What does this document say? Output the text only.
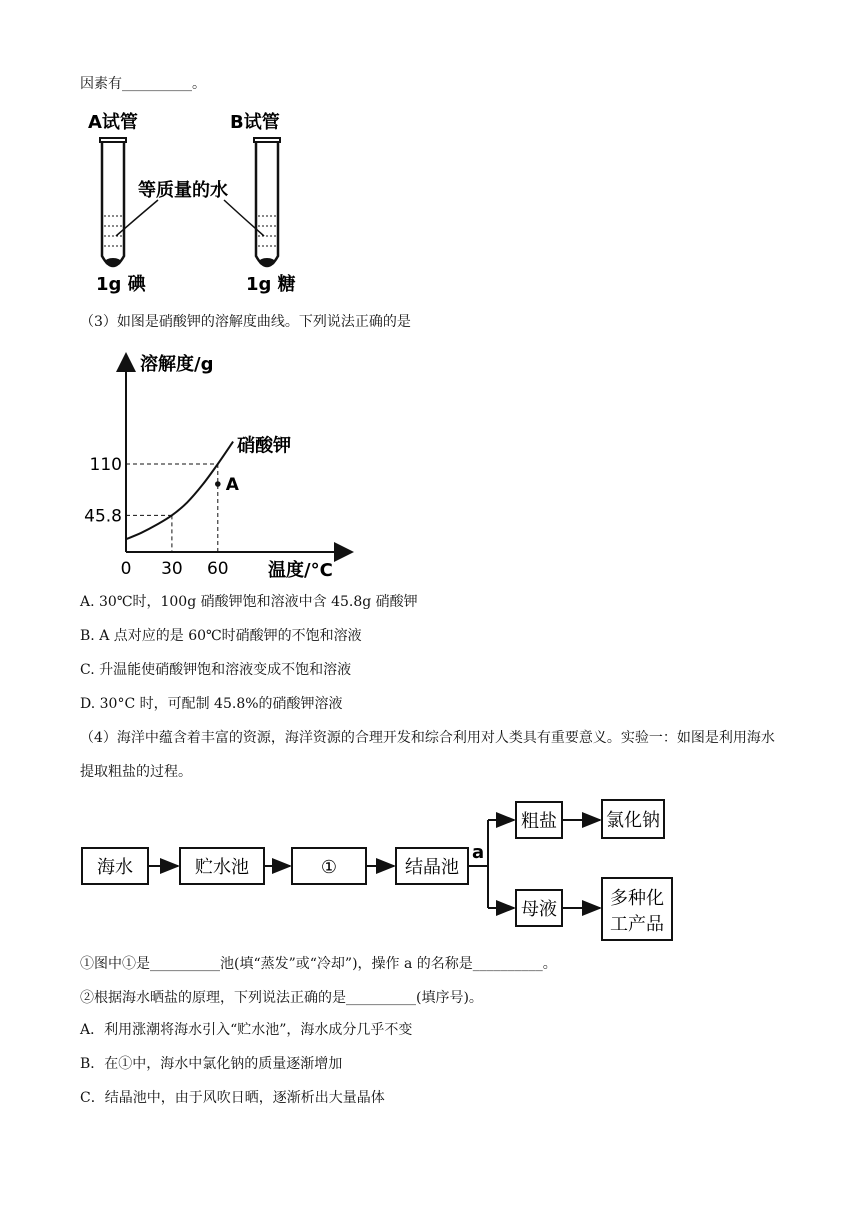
因素有__________。
A试管	B试管
等质量的水
1g 碘	1g 糖
（3）如图是硝酸钾的溶解度曲线。下列说法正确的是
溶解度/g
温度/°C
45.8
110
0 30 60
硝酸钾
A
A. 30℃时，100g 硝酸钾饱和溶液中含 45.8g 硝酸钾
B. A 点对应的是 60℃时硝酸钾的不饱和溶液
C. 升温能使硝酸钾饱和溶液变成不饱和溶液
D. 30°C 时，可配制 45.8%的硝酸钾溶液
（4）海洋中蕴含着丰富的资源，海洋资源的合理开发和综合利用对人类具有重要意义。实验一：如图是利用海水提取粗盐的过程。
海水	贮水池	①	结晶池
a
粗盐	氯化钠
母液
多种化
工产品
①图中①是__________池(填“蒸发”或“冷却”)，操作 a 的名称是__________。
②根据海水晒盐的原理，下列说法正确的是__________(填序号)。
A．利用涨潮将海水引入“贮水池”，海水成分几乎不变
B．在①中，海水中氯化钠的质量逐渐增加
C．结晶池中，由于风吹日晒，逐渐析出大量晶体
